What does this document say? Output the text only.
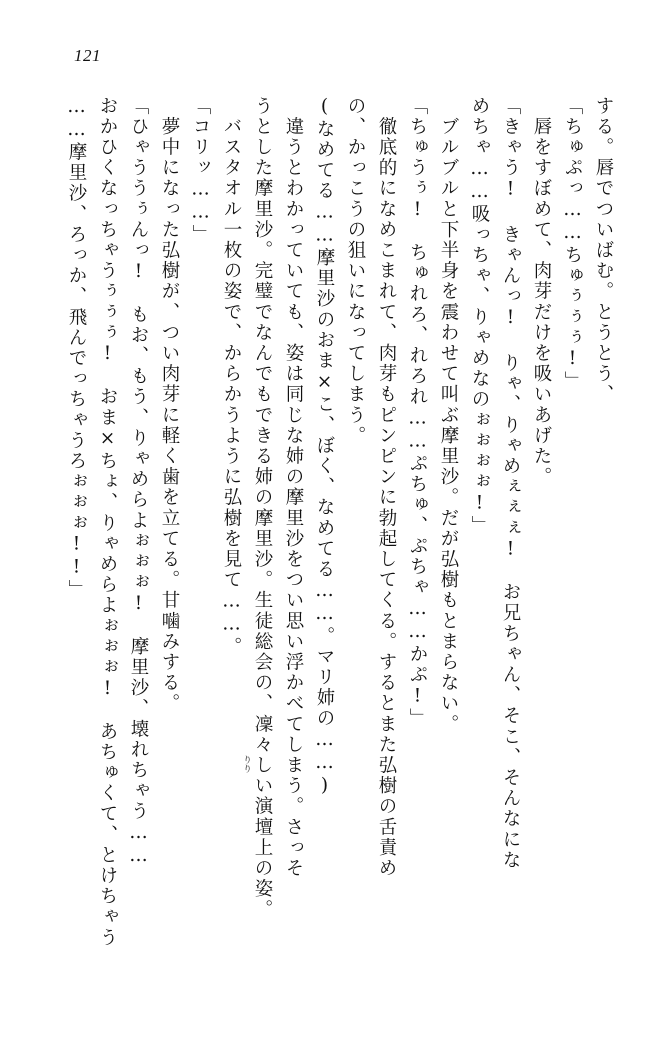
121
する。唇でついばむ。とうとう、
「ちゅぷっ……ちゅぅぅぅ!」
　唇をすぼめて、肉芽だけを吸いあげた。
「きゃう! きゃんっ! りゃ、りゃめぇぇぇ!　お兄ちゃん、そこ、そんなにな
めちゃ……吸っちゃ、りゃめなのぉぉぉぉ!」
　ブルブルと下半身を震わせて叫ぶ摩里沙。だが弘樹もとまらない。
「ちゅうぅ!　ちゅれろ、れろれ……ぷちゅ、ぷちゃ……かぷ!」
　徹底的になめこまれて、肉芽もピンピンに勃起してくる。するとまた弘樹の舌責め
の、かっこうの狙いになってしまう。
(なめてる……摩里沙のおま×こ、ぼく、なめてる……。マリ姉の……)
　違うとわかっていても、姿は同じな姉の摩里沙をつい思い浮かべてしまう。さっそ
うとした摩里沙。完璧でなんでもできる姉の摩里沙。生徒総会の、凜々
りり しい演壇上の姿。
　バスタオル一枚の姿で、からかうように弘樹を見て……。
「コリッ……」
　夢中になった弘樹が、つい肉芽に軽く歯を立てる。甘噛みする。
「ひゃううぅんっ!　もお、もう、りゃめらよぉぉぉ!　摩里沙、壊れちゃう……
おかひくなっちゃうぅぅぅ!　おま×ちょ、りゃめらよぉぉぉ!　あちゅくて、とけちゃう
……摩里沙、ろっか、飛んでっちゃうろぉぉぉ!!」
